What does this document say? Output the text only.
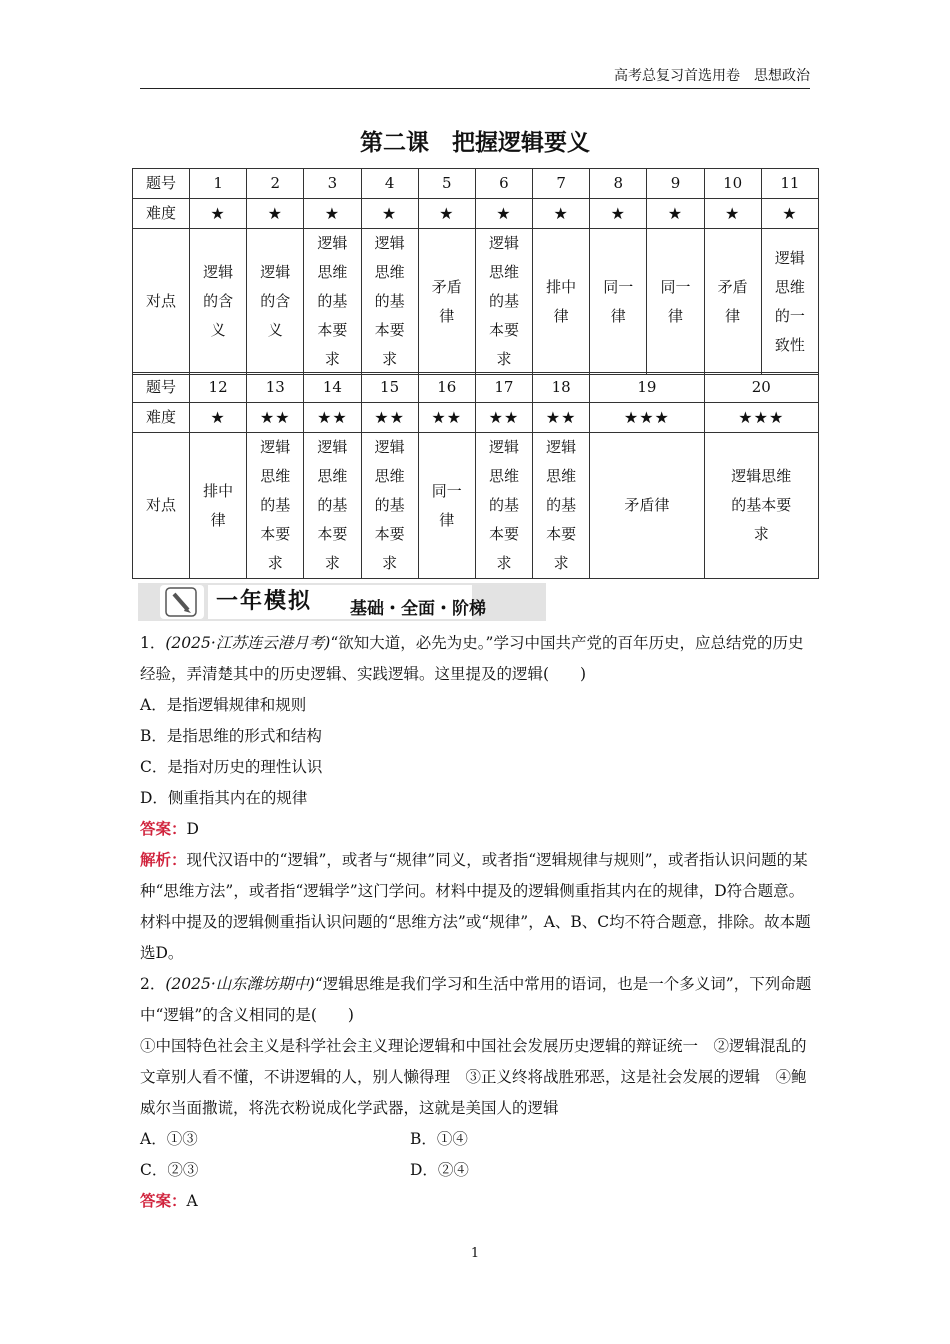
高考总复习首选用卷　思想政治
第二课　把握逻辑要义
题号	1	2	3	4	5	6	7	8	9	10	11
难度	★	★	★	★	★	★	★	★	★	★	★
对点	逻辑的含义	逻辑的含义	逻辑思维的基本要求	逻辑思维的基本要求	矛盾律	逻辑思维的基本要求	排中律	同一律	同一律	矛盾律	逻辑思维的一致性
题号	12	13	14	15	16	17	18	19	20
难度	★	★★	★★	★★	★★	★★	★★	★★★	★★★
对点	排中律	逻辑思维的基本要求	逻辑思维的基本要求	逻辑思维的基本要求	同一律	逻辑思维的基本要求	逻辑思维的基本要求	矛盾律	逻辑思维的基本要求
一年模拟 基础・全面・阶梯

1．(2025·江苏连云港月考)“欲知大道，必先为史。”学习中国共产党的百年历史，应总结党的历史经验，弄清楚其中的历史逻辑、实践逻辑。这里提及的逻辑(　　)

A．是指逻辑规律和规则

B．是指思维的形式和结构

C．是指对历史的理性认识

D．侧重指其内在的规律

答案：D

解析：现代汉语中的“逻辑”，或者与“规律”同义，或者指“逻辑规律与规则”，或者指认识问题的某种“思维方法”，或者指“逻辑学”这门学问。材料中提及的逻辑侧重指其内在的规律，D符合题意。材料中提及的逻辑侧重指认识问题的“思维方法”或“规律”，A、B、C均不符合题意，排除。故本题选D。

2．(2025·山东潍坊期中)“逻辑思维是我们学习和生活中常用的语词，也是一个多义词”，下列命题中“逻辑”的含义相同的是(　　)

①中国特色社会主义是科学社会主义理论逻辑和中国社会发展历史逻辑的辩证统一　②逻辑混乱的文章别人看不懂，不讲逻辑的人，别人懒得理　③正义终将战胜邪恶，这是社会发展的逻辑　④鲍威尔当面撒谎，将洗衣粉说成化学武器，这就是美国人的逻辑

A．①③	B．①④

C．②③	D．②④

答案：A

1
